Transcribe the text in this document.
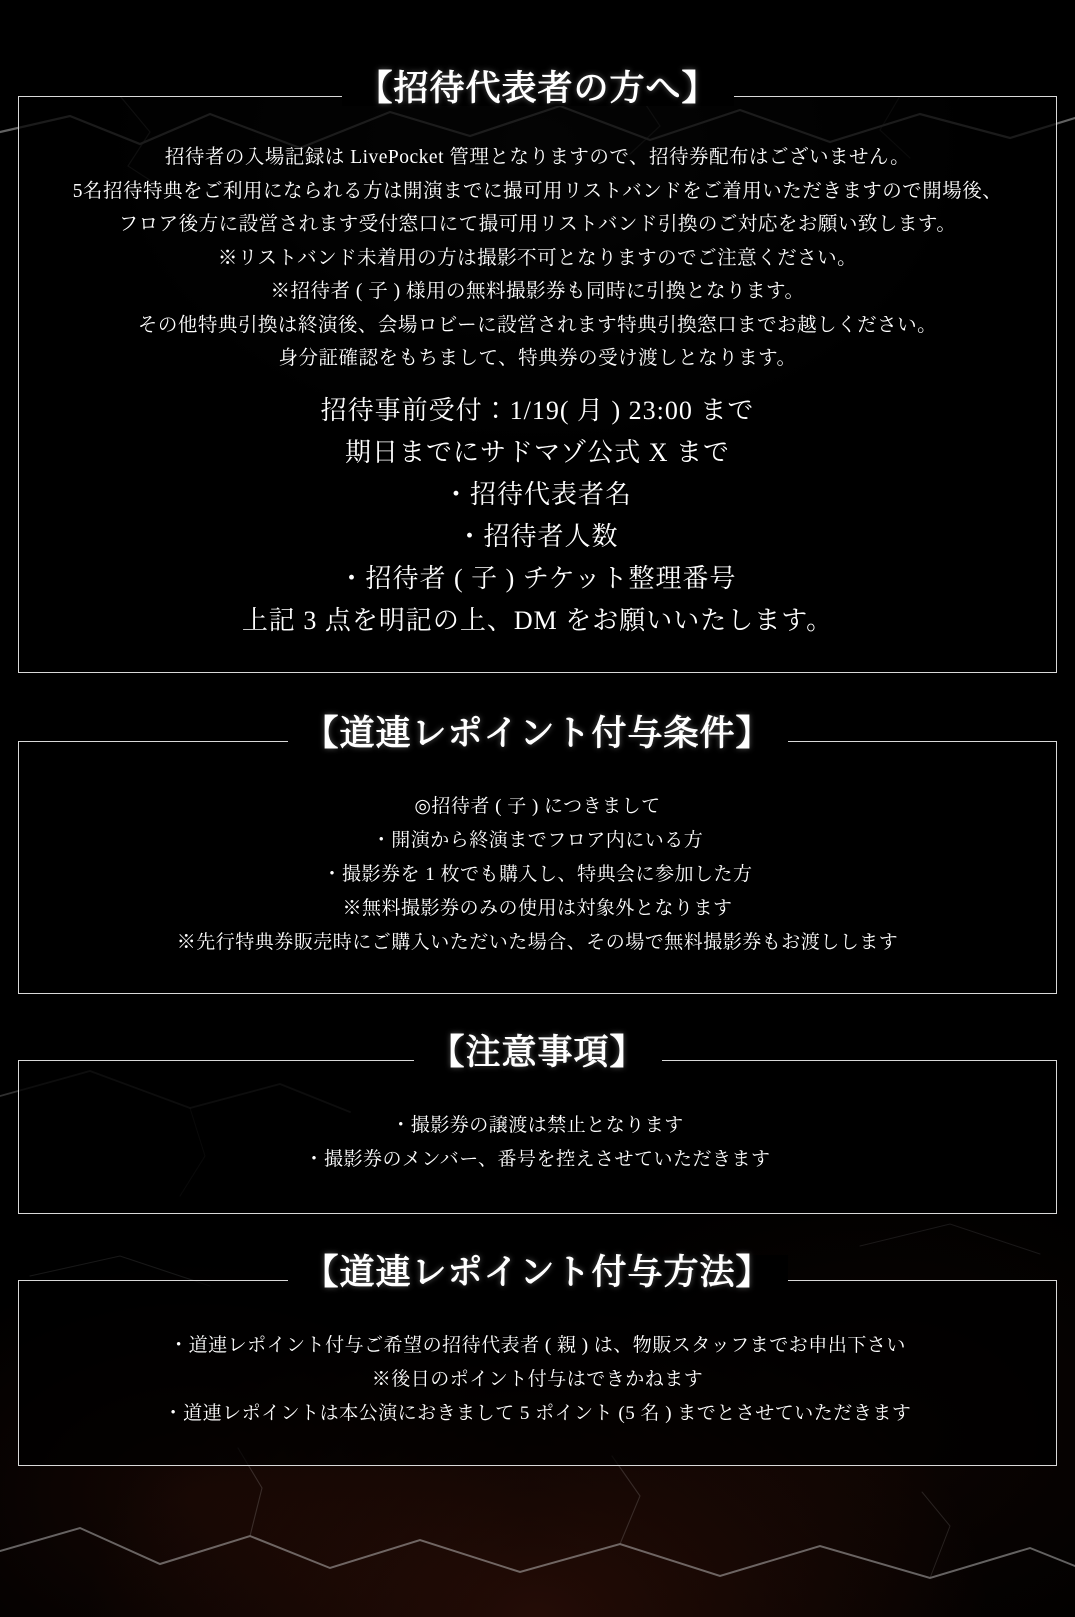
【招待代表者の方へ】
招待者の入場記録は LivePocket 管理となりますので、招待券配布はございません。
5名招待特典をご利用になられる方は開演までに撮可用リストバンドをご着用いただきますので開場後、
フロア後方に設営されます受付窓口にて撮可用リストバンド引換のご対応をお願い致します。
※リストバンド未着用の方は撮影不可となりますのでご注意ください。
※招待者 ( 子 ) 様用の無料撮影券も同時に引換となります。
その他特典引換は終演後、会場ロビーに設営されます特典引換窓口までお越しください。
身分証確認をもちまして、特典券の受け渡しとなります。
招待事前受付：1/19( 月 ) 23:00 まで
期日までにサドマゾ公式 X まで
・招待代表者名
・招待者人数
・招待者 ( 子 ) チケット整理番号
上記 3 点を明記の上、DM をお願いいたします。
【道連レポイント付与条件】
◎招待者 ( 子 ) につきまして
・開演から終演までフロア内にいる方
・撮影券を 1 枚でも購入し、特典会に参加した方
※無料撮影券のみの使用は対象外となります
※先行特典券販売時にご購入いただいた場合、その場で無料撮影券もお渡しします
【注意事項】
・撮影券の譲渡は禁止となります
・撮影券のメンバー、番号を控えさせていただきます
【道連レポイント付与方法】
・道連レポイント付与ご希望の招待代表者 ( 親 ) は、物販スタッフまでお申出下さい
※後日のポイント付与はできかねます
・道連レポイントは本公演におきまして 5 ポイント (5 名 ) までとさせていただきます
